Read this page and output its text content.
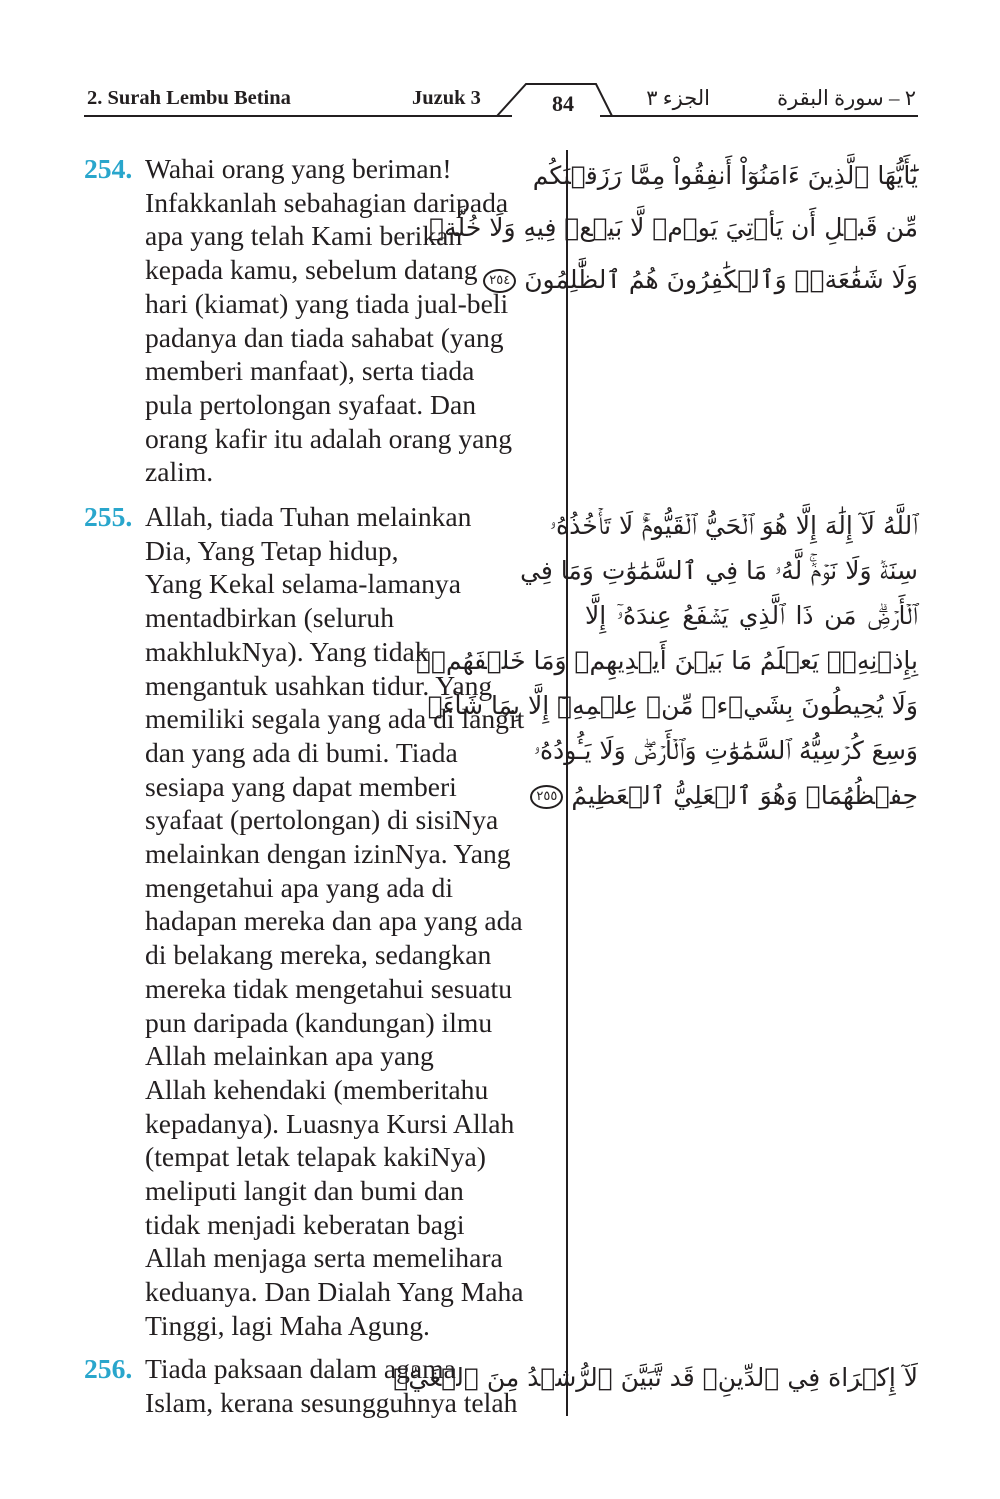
2. Surah Lembu Betina	Juzuk 3	84	الجزء ٣	٢ – سورة البقرة
254. Wahai orang yang beriman!
Infakkanlah sebahagian daripada
apa yang telah Kami berikan
kepada kamu, sebelum datang
hari (kiamat) yang tiada jual-beli
padanya dan tiada sahabat (yang
memberi manfaat), serta tiada
pula pertolongan syafaat. Dan
orang kafir itu adalah orang yang
zalim.
يَٰٓأَيُّهَا ٱلَّذِينَ ءَامَنُوٓاْ أَنفِقُواْ مِمَّا رَزَقۡنَٰكُم
مِّن قَبۡلِ أَن يَأۡتِيَ يَوۡمٞ لَّا بَيۡعٞ فِيهِ وَلَا خُلَّةٞ
وَلَا شَفَٰعَةٞۗ وَٱلۡكَٰفِرُونَ هُمُ ٱلظَّٰلِمُونَ ٢٥٤
255. Allah, tiada Tuhan melainkan
Dia, Yang Tetap hidup,
Yang Kekal selama-lamanya
mentadbirkan (seluruh
makhlukNya). Yang tidak
mengantuk usahkan tidur. Yang
memiliki segala yang ada di langit
dan yang ada di bumi. Tiada
sesiapa yang dapat memberi
syafaat (pertolongan) di sisiNya
melainkan dengan izinNya. Yang
mengetahui apa yang ada di
hadapan mereka dan apa yang ada
di belakang mereka, sedangkan
mereka tidak mengetahui sesuatu
pun daripada (kandungan) ilmu
Allah melainkan apa yang
Allah kehendaki (memberitahu
kepadanya). Luasnya Kursi Allah
(tempat letak telapak kakiNya)
meliputi langit dan bumi dan
tidak menjadi keberatan bagi
Allah menjaga serta memelihara
keduanya. Dan Dialah Yang Maha
Tinggi, lagi Maha Agung.
ٱللَّهُ لَآ إِلَٰهَ إِلَّا هُوَ ٱلۡحَيُّ ٱلۡقَيُّومُۚ لَا تَأۡخُذُهُۥ
سِنَةٞ وَلَا نَوۡمٞۚ لَّهُۥ مَا فِي ٱلسَّمَٰوَٰتِ وَمَا فِي
ٱلۡأَرۡضِۗ مَن ذَا ٱلَّذِي يَشۡفَعُ عِندَهُۥٓ إِلَّا
بِإِذۡنِهِۦۚ يَعۡلَمُ مَا بَيۡنَ أَيۡدِيهِمۡ وَمَا خَلۡفَهُمۡۖ
وَلَا يُحِيطُونَ بِشَيۡءٖ مِّنۡ عِلۡمِهِۦٓ إِلَّا بِمَا شَآءَۚ
وَسِعَ كُرۡسِيُّهُ ٱلسَّمَٰوَٰتِ وَٱلۡأَرۡضَۖ وَلَا يَـُٔودُهُۥ
حِفۡظُهُمَاۚ وَهُوَ ٱلۡعَلِيُّ ٱلۡعَظِيمُ ٢٥٥
256. Tiada paksaan dalam agama
Islam, kerana sesungguhnya telah
لَآ إِكۡرَاهَ فِي ٱلدِّينِۖ قَد تَّبَيَّنَ ٱلرُّشۡدُ مِنَ ٱلۡغَيِّۚ
